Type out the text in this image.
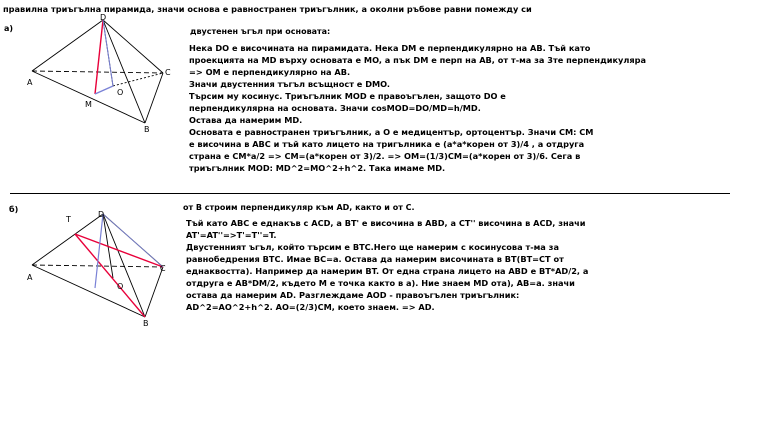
правилна триъгълна пирамида, значи основа е равностранен триъгълник, а околни ръбове равни помежду си
а)
D
A
C
M
O
B
двустенен ъгъл при основата:
Нека DO е височината на пирамидата. Нека DM е перпендикулярно на AB. Тъй като
проекцията на MD върху основата е MO, а пък DM е перп на AB, от т-ма за 3те перпендикуляра
=> OM е перпендикулярно на AB.
Значи двустенния тъгъл всъщност е DMO.
Търсим му косинус. Триъгълник MOD е правоъгълен, защото DO е
перпендикулярна на основата. Значи cosMOD=DO/MD=h/MD.
Остава да намерим MD.
Основата е равностранен триъгълник, а O е медицентър, ортоцентър. Значи CM: CM
е височина в ABC и тъй като лицето на тригълника е (a*a*корен от 3)/4 , а отдруга
страна е CM*a/2 => CM=(a*корен от 3)/2. => OM=(1/3)CM=(a*корен от 3)/6. Сега в
триъгълник MOD: MD^2=MO^2+h^2. Така имаме MD.
б)
T
D
C
A
O
B
от B строим перпендикуляр към AD, както и от C.
Тъй като ABC е еднакъв с ACD, а BT' е височина в ABD, а CT'' височина в ACD, значи
AT'=AT''=>T'=T''=T.
Двустенният ъгъл, който търсим е BTC.Него ще намерим с косинусова т-ма за
равнобедрения BTC. Имаe BC=a. Остава да намерим височината в BT(BT=CT от
еднаквостта). Например да намерим BT. От една страна лицето на ABD е BT*AD/2, а
отдруга е AB*DM/2, където M е точка както в а). Ние знаем MD ота), AB=a. значи
остава да намерим AD. Разглеждаме AOD - правоъгълен триъгълник:
AD^2=AO^2+h^2. AO=(2/3)CM, което знаем. => AD.
